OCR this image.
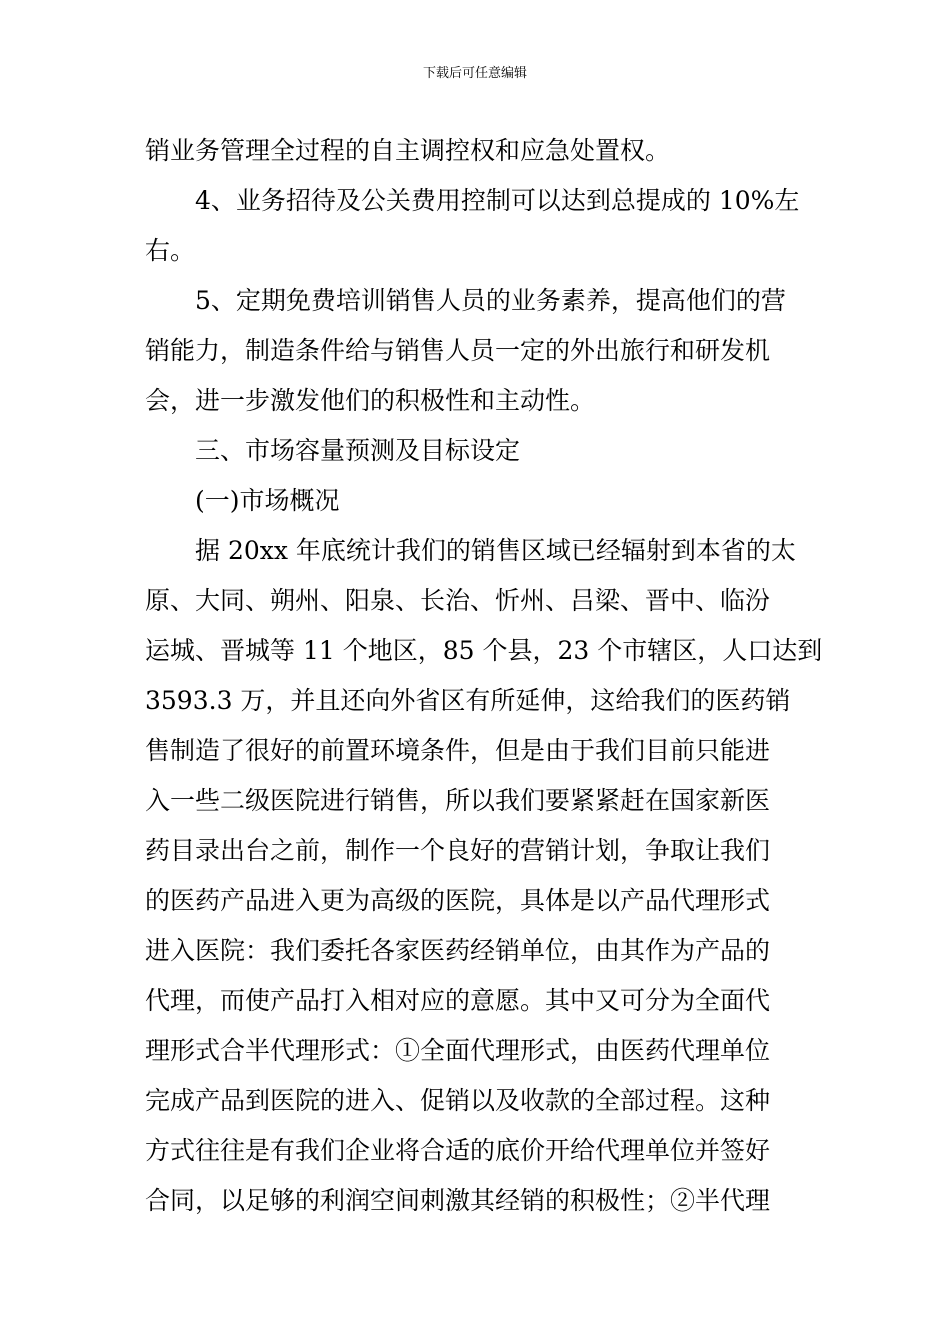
下载后可任意编辑
销业务管理全过程的自主调控权和应急处置权。
4、业务招待及公关费用控制可以达到总提成的 10%左
右。
5、定期免费培训销售人员的业务素养，提高他们的营
销能力，制造条件给与销售人员一定的外出旅行和研发机
会，进一步激发他们的积极性和主动性。
三、市场容量预测及目标设定
(一)市场概况
据 20xx 年底统计我们的销售区域已经辐射到本省的太
原、大同、朔州、阳泉、长治、忻州、吕梁、晋中、临汾
运城、晋城等 11 个地区，85 个县，23 个市辖区，人口达到
3593.3 万，并且还向外省区有所延伸，这给我们的医药销
售制造了很好的前置环境条件，但是由于我们目前只能进
入一些二级医院进行销售，所以我们要紧紧赶在国家新医
药目录出台之前，制作一个良好的营销计划，争取让我们
的医药产品进入更为高级的医院，具体是以产品代理形式
进入医院：我们委托各家医药经销单位，由其作为产品的
代理，而使产品打入相对应的意愿。其中又可分为全面代
理形式合半代理形式：①全面代理形式，由医药代理单位
完成产品到医院的进入、促销以及收款的全部过程。这种
方式往往是有我们企业将合适的底价开给代理单位并签好
合同，以足够的利润空间刺激其经销的积极性；②半代理
